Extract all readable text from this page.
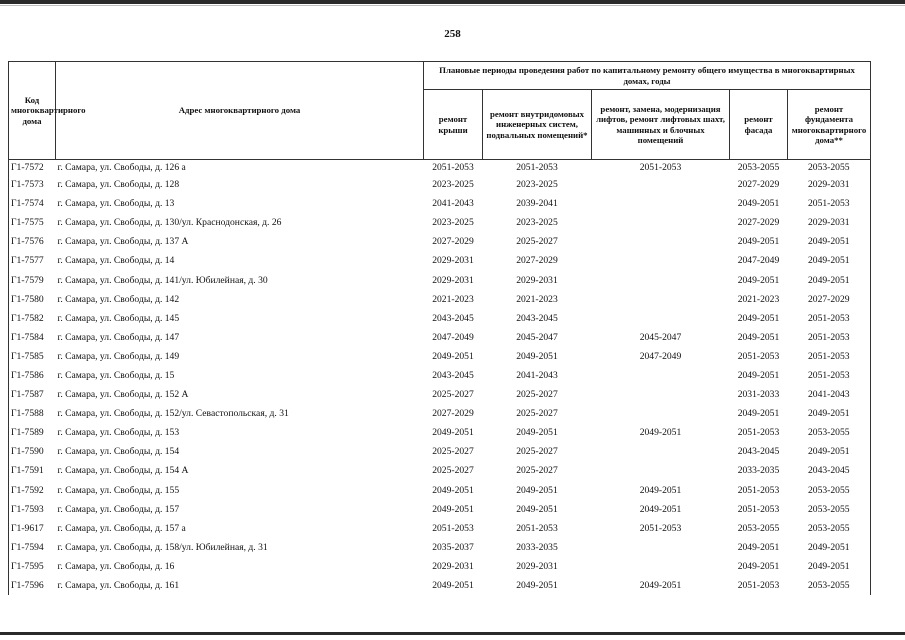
258
Код многоквартирного дома	Адрес многоквартирного дома	Плановые периоды проведения работ по капитальному ремонту общего имущества в многоквартирных домах, годы				
		ремонт крыши	ремонт внутридомовых инженерных систем, подвальных помещений*	ремонт, замена, модернизация лифтов, ремонт лифтовых шахт, машинных и блочных помещений	ремонт фасада	ремонт фундамента многоквартирного дома**
Г1-7572	г. Самара, ул. Свободы, д. 126 а	2051-2053	2051-2053	2051-2053	2053-2055	2053-2055
Г1-7573	г. Самара, ул. Свободы, д. 128	2023-2025	2023-2025		2027-2029	2029-2031
Г1-7574	г. Самара, ул. Свободы, д. 13	2041-2043	2039-2041		2049-2051	2051-2053
Г1-7575	г. Самара, ул. Свободы, д. 130/ул. Краснодонская, д. 26	2023-2025	2023-2025		2027-2029	2029-2031
Г1-7576	г. Самара, ул. Свободы, д. 137 А	2027-2029	2025-2027		2049-2051	2049-2051
Г1-7577	г. Самара, ул. Свободы, д. 14	2029-2031	2027-2029		2047-2049	2049-2051
Г1-7579	г. Самара, ул. Свободы, д. 141/ул. Юбилейная, д. 30	2029-2031	2029-2031		2049-2051	2049-2051
Г1-7580	г. Самара, ул. Свободы, д. 142	2021-2023	2021-2023		2021-2023	2027-2029
Г1-7582	г. Самара, ул. Свободы, д. 145	2043-2045	2043-2045		2049-2051	2051-2053
Г1-7584	г. Самара, ул. Свободы, д. 147	2047-2049	2045-2047	2045-2047	2049-2051	2051-2053
Г1-7585	г. Самара, ул. Свободы, д. 149	2049-2051	2049-2051	2047-2049	2051-2053	2051-2053
Г1-7586	г. Самара, ул. Свободы, д. 15	2043-2045	2041-2043		2049-2051	2051-2053
Г1-7587	г. Самара, ул. Свободы, д. 152 А	2025-2027	2025-2027		2031-2033	2041-2043
Г1-7588	г. Самара, ул. Свободы, д. 152/ул. Севастопольская, д. 31	2027-2029	2025-2027		2049-2051	2049-2051
Г1-7589	г. Самара, ул. Свободы, д. 153	2049-2051	2049-2051	2049-2051	2051-2053	2053-2055
Г1-7590	г. Самара, ул. Свободы, д. 154	2025-2027	2025-2027		2043-2045	2049-2051
Г1-7591	г. Самара, ул. Свободы, д. 154 А	2025-2027	2025-2027		2033-2035	2043-2045
Г1-7592	г. Самара, ул. Свободы, д. 155	2049-2051	2049-2051	2049-2051	2051-2053	2053-2055
Г1-7593	г. Самара, ул. Свободы, д. 157	2049-2051	2049-2051	2049-2051	2051-2053	2053-2055
Г1-9617	г. Самара, ул. Свободы, д. 157 а	2051-2053	2051-2053	2051-2053	2053-2055	2053-2055
Г1-7594	г. Самара, ул. Свободы, д. 158/ул. Юбилейная, д. 31	2035-2037	2033-2035		2049-2051	2049-2051
Г1-7595	г. Самара, ул. Свободы, д. 16	2029-2031	2029-2031		2049-2051	2049-2051
Г1-7596	г. Самара, ул. Свободы, д. 161	2049-2051	2049-2051	2049-2051	2051-2053	2053-2055
